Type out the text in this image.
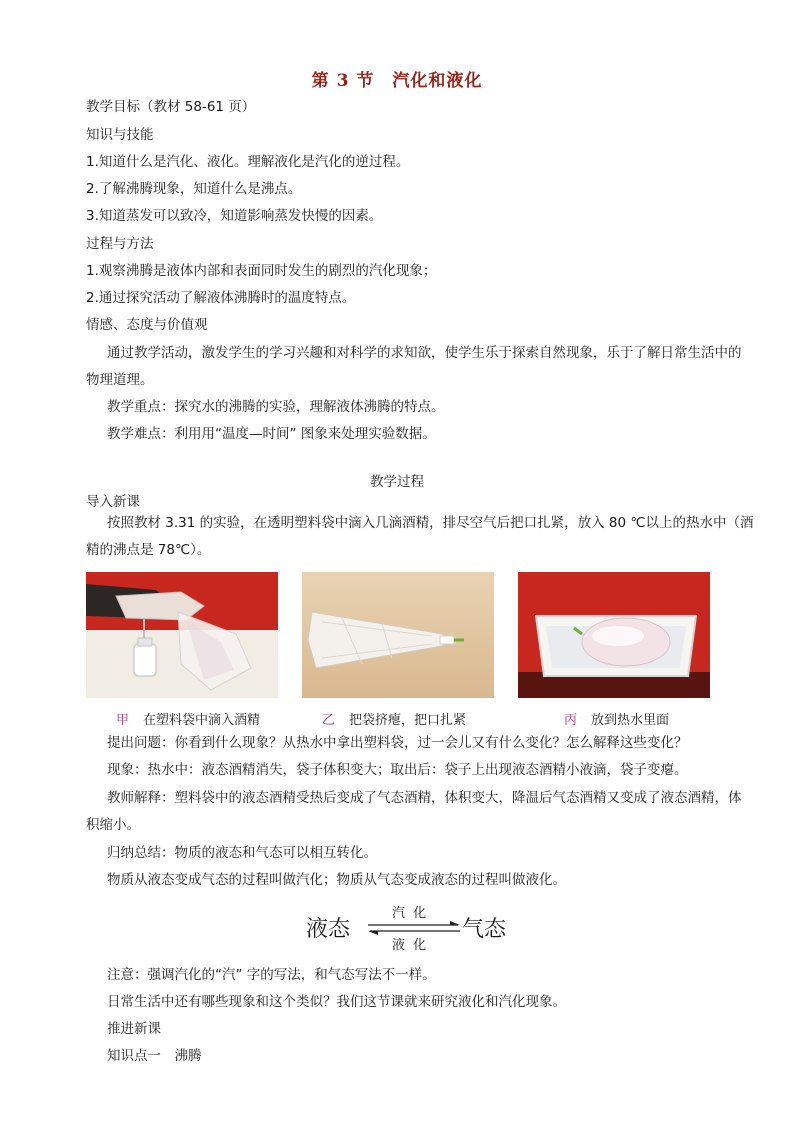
第 3 节　汽化和液化
教学目标（教材 58-61 页）
知识与技能
1.知道什么是汽化、液化。理解液化是汽化的逆过程。
2.了解沸腾现象，知道什么是沸点。
3.知道蒸发可以致冷，知道影响蒸发快慢的因素。
过程与方法
1.观察沸腾是液体内部和表面同时发生的剧烈的汽化现象；
2.通过探究活动了解液体沸腾时的温度特点。
情感、态度与价值观
　　通过教学活动，激发学生的学习兴趣和对科学的求知欲，使学生乐于探索自然现象，乐于了解日常生活中的
物理道理。
　　教学重点：探究水的沸腾的实验，理解液体沸腾的特点。
　　教学难点：利用用“温度—时间” 图象来处理实验数据。
教学过程
导入新课
　　按照教材 3.31 的实验，在透明塑料袋中滴入几滴酒精，排尽空气后把口扎紧，放入 80 ℃以上的热水中（酒
精的沸点是 78℃）。
甲 在塑料袋中滴入酒精	乙 把袋挤瘪，把口扎紧	丙 放到热水里面
　　提出问题：你看到什么现象？从热水中拿出塑料袋，过一会儿又有什么变化？怎么解释这些变化？
　　现象：热水中：液态酒精消失，袋子体积变大；取出后：袋子上出现液态酒精小液滴，袋子变瘪。
　　教师解释：塑料袋中的液态酒精受热后变成了气态酒精，体积变大，降温后气态酒精又变成了液态酒精，体
积缩小。
　　归纳总结：物质的液态和气态可以相互转化。
　　物质从液态变成气态的过程叫做汽化；物质从气态变成液态的过程叫做液化。
液态
汽 化
液 化
气态
　　注意：强调汽化的“汽” 字的写法，和气态写法不一样。
　　日常生活中还有哪些现象和这个类似？我们这节课就来研究液化和汽化现象。
　　推进新课
　　知识点一　沸腾
